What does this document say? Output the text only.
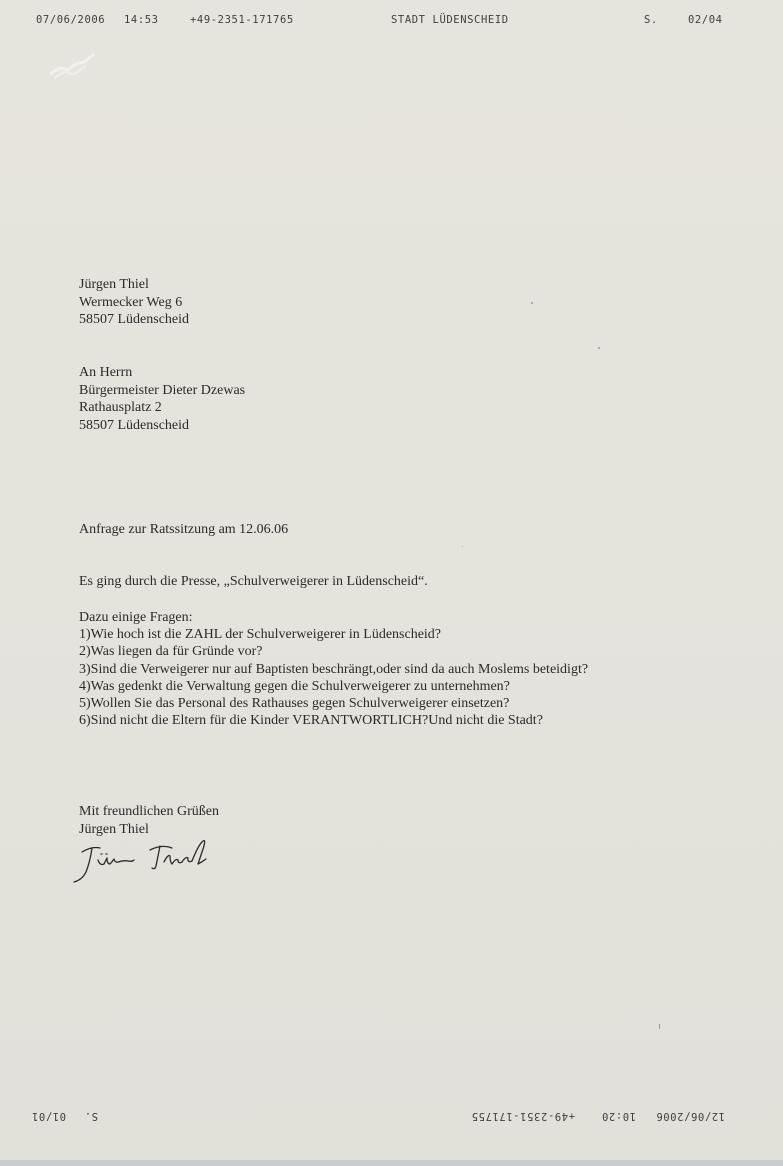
07/06/2006 14:53	+49-2351-171765	STADT LÜDENSCHEID	S.	02/04
Jürgen Thiel
Wermecker Weg 6
58507 Lüdenscheid
An Herrn
Bürgermeister Dieter Dzewas
Rathausplatz 2
58507 Lüdenscheid
Anfrage zur Ratssitzung am 12.06.06
Es ging durch die Presse, „Schulverweigerer in Lüdenscheid“.
Dazu einige Fragen:
1)Wie hoch ist die ZAHL der Schulverweigerer in Lüdenscheid?
2)Was liegen da für Gründe vor?
3)Sind die Verweigerer nur auf Baptisten beschrängt,oder sind da auch Moslems beteidigt?
4)Was gedenkt die Verwaltung gegen die Schulverweigerer zu unternehmen?
5)Wollen Sie das Personal des Rathauses gegen Schulverweigerer einsetzen?
6)Sind nicht die Eltern für die Kinder VERANTWORTLICH?Und nicht die Stadt?
Mit freundlichen Grüßen
Jürgen Thiel
12/06/2006
10:20
+49-2351-171755
S.
01/01
